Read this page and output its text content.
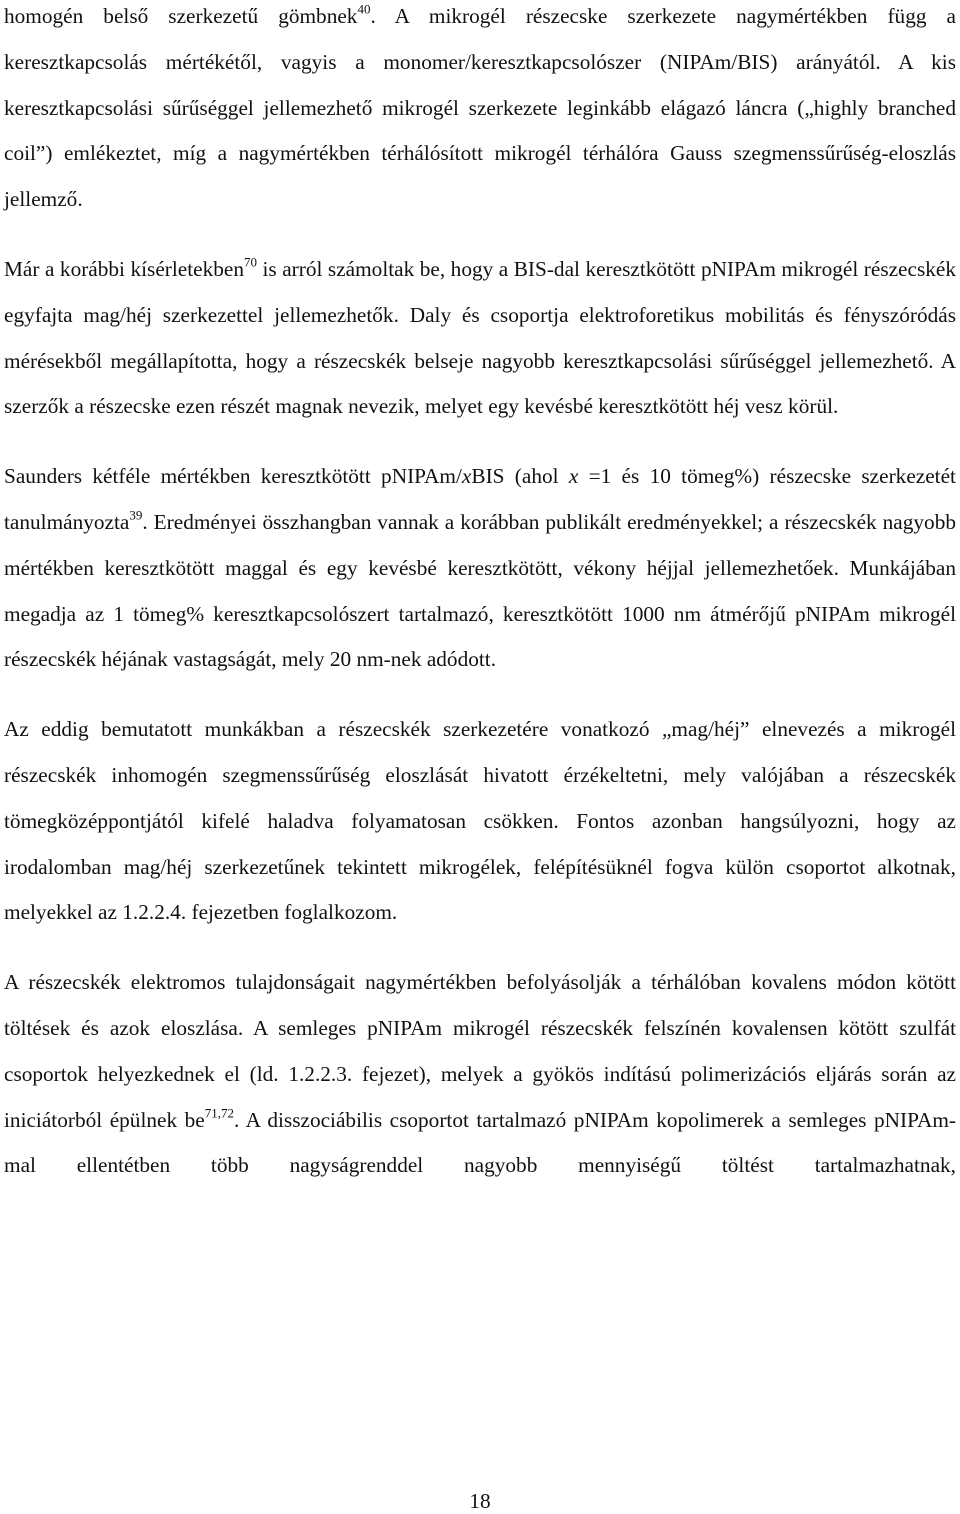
homogén belső szerkezetű gömbnek$^{40}$. A mikrogél részecske szerkezete nagymértékben függ a keresztkapcsolás mértékétől, vagyis a monomer/keresztkapcsolószer (NIPAm/BIS) arányától. A kis keresztkapcsolási sűrűséggel jellemezhető mikrogél szerkezete leginkább elágazó láncra („highly branched coil”) emlékeztet, míg a nagymértékben térhálósított mikrogél térhálóra Gauss szegmenssűrűség-eloszlás jellemző.

Már a korábbi kísérletekben$^{70}$ is arról számoltak be, hogy a BIS-dal keresztkötött pNIPAm mikrogél részecskék egyfajta mag/héj szerkezettel jellemezhetők. Daly és csoportja elektroforetikus mobilitás és fényszóródás mérésekből megállapította, hogy a részecskék belseje nagyobb keresztkapcsolási sűrűséggel jellemezhető. A szerzők a részecske ezen részét magnak nevezik, melyet egy kevésbé keresztkötött héj vesz körül.

Saunders kétféle mértékben keresztkötött pNIPAm/xBIS (ahol x =1 és 10 tömeg%) részecske szerkezetét tanulmányozta$^{39}$. Eredményei összhangban vannak a korábban publikált eredményekkel; a részecskék nagyobb mértékben keresztkötött maggal és egy kevésbé keresztkötött, vékony héjjal jellemezhetőek. Munkájában megadja az 1 tömeg% keresztkapcsolószert tartalmazó, keresztkötött 1000 nm átmérőjű pNIPAm mikrogél részecskék héjának vastagságát, mely 20 nm-nek adódott.

Az eddig bemutatott munkákban a részecskék szerkezetére vonatkozó „mag/héj” elnevezés a mikrogél részecskék inhomogén szegmenssűrűség eloszlását hivatott érzékeltetni, mely valójában a részecskék tömegközéppontjától kifelé haladva folyamatosan csökken. Fontos azonban hangsúlyozni, hogy az irodalomban mag/héj szerkezetűnek tekintett mikrogélek, felépítésüknél fogva külön csoportot alkotnak, melyekkel az 1.2.2.4. fejezetben foglalkozom.

A részecskék elektromos tulajdonságait nagymértékben befolyásolják a térhálóban kovalens módon kötött töltések és azok eloszlása. A semleges pNIPAm mikrogél részecskék felszínén kovalensen kötött szulfát csoportok helyezkednek el (ld. 1.2.2.3. fejezet), melyek a gyökös indítású polimerizációs eljárás során az iniciátorból épülnek be$^{71,72}$. A disszociábilis csoportot tartalmazó pNIPAm kopolimerek a semleges pNIPAm-mal ellentétben több nagyságrenddel nagyobb mennyiségű töltést tartalmazhatnak,

18
